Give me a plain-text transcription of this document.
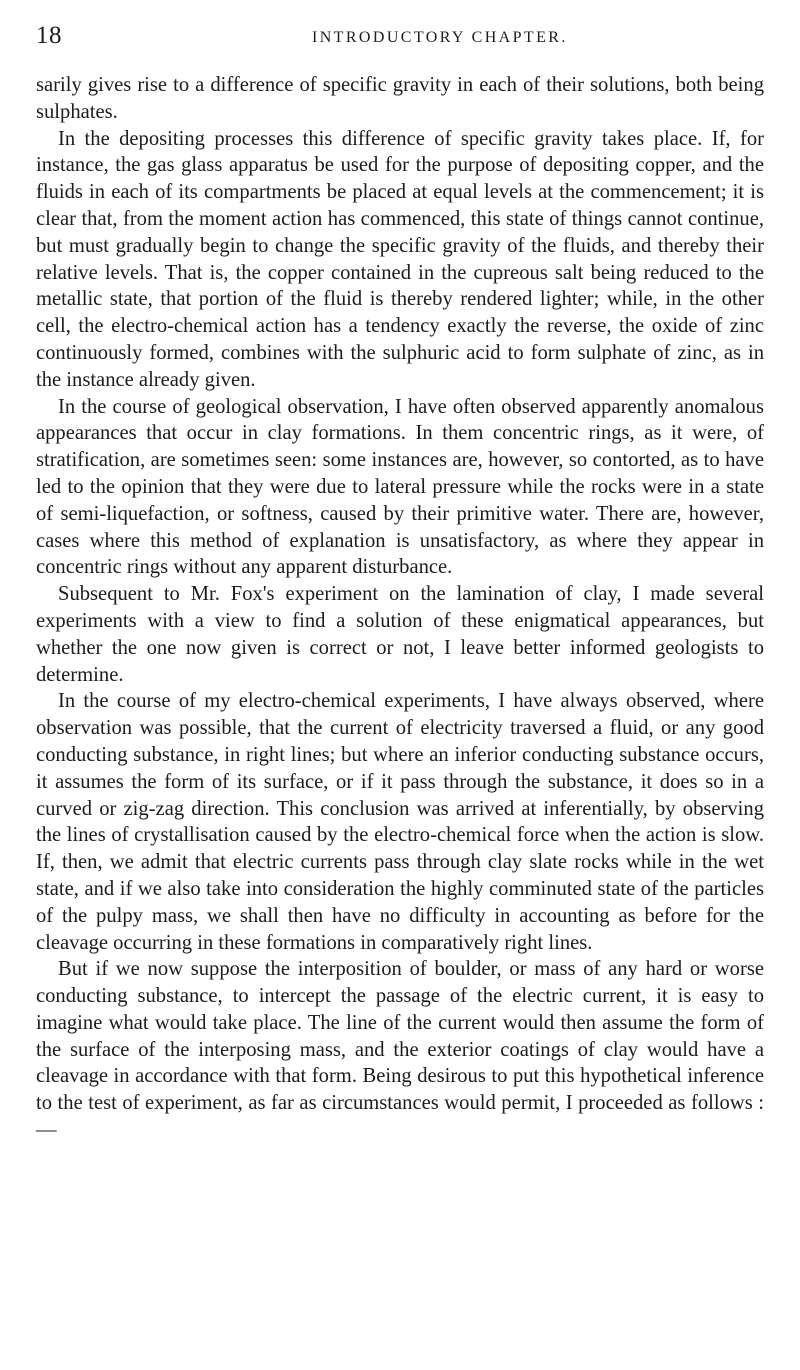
18	INTRODUCTORY CHAPTER.

sarily gives rise to a difference of specific gravity in each of their solutions, both being sulphates.

In the depositing processes this difference of specific gravity takes place. If, for instance, the gas glass apparatus be used for the purpose of depositing copper, and the fluids in each of its compartments be placed at equal levels at the commencement; it is clear that, from the moment action has commenced, this state of things cannot continue, but must gradually begin to change the specific gravity of the fluids, and thereby their relative levels. That is, the copper contained in the cupreous salt being reduced to the metallic state, that portion of the fluid is thereby rendered lighter; while, in the other cell, the electro-chemical action has a tendency exactly the reverse, the oxide of zinc continuously formed, combines with the sulphuric acid to form sulphate of zinc, as in the instance already given.

In the course of geological observation, I have often observed apparently anomalous appearances that occur in clay formations. In them concentric rings, as it were, of stratification, are sometimes seen: some instances are, however, so contorted, as to have led to the opinion that they were due to lateral pressure while the rocks were in a state of semi-liquefaction, or softness, caused by their primitive water. There are, however, cases where this method of explanation is unsatisfactory, as where they appear in concentric rings without any apparent disturbance.

Subsequent to Mr. Fox's experiment on the lamination of clay, I made several experiments with a view to find a solution of these enigmatical appearances, but whether the one now given is correct or not, I leave better informed geologists to determine.

In the course of my electro-chemical experiments, I have always observed, where observation was possible, that the current of electricity traversed a fluid, or any good conducting substance, in right lines; but where an inferior conducting substance occurs, it assumes the form of its surface, or if it pass through the substance, it does so in a curved or zig-zag direction. This conclusion was arrived at inferentially, by observing the lines of crystallisation caused by the electro-chemical force when the action is slow. If, then, we admit that electric currents pass through clay slate rocks while in the wet state, and if we also take into consideration the highly comminuted state of the particles of the pulpy mass, we shall then have no difficulty in accounting as before for the cleavage occurring in these formations in comparatively right lines.

But if we now suppose the interposition of boulder, or mass of any hard or worse conducting substance, to intercept the passage of the electric current, it is easy to imagine what would take place. The line of the current would then assume the form of the surface of the interposing mass, and the exterior coatings of clay would have a cleavage in accordance with that form. Being desirous to put this hypothetical inference to the test of experiment, as far as circumstances would permit, I proceeded as follows :—
